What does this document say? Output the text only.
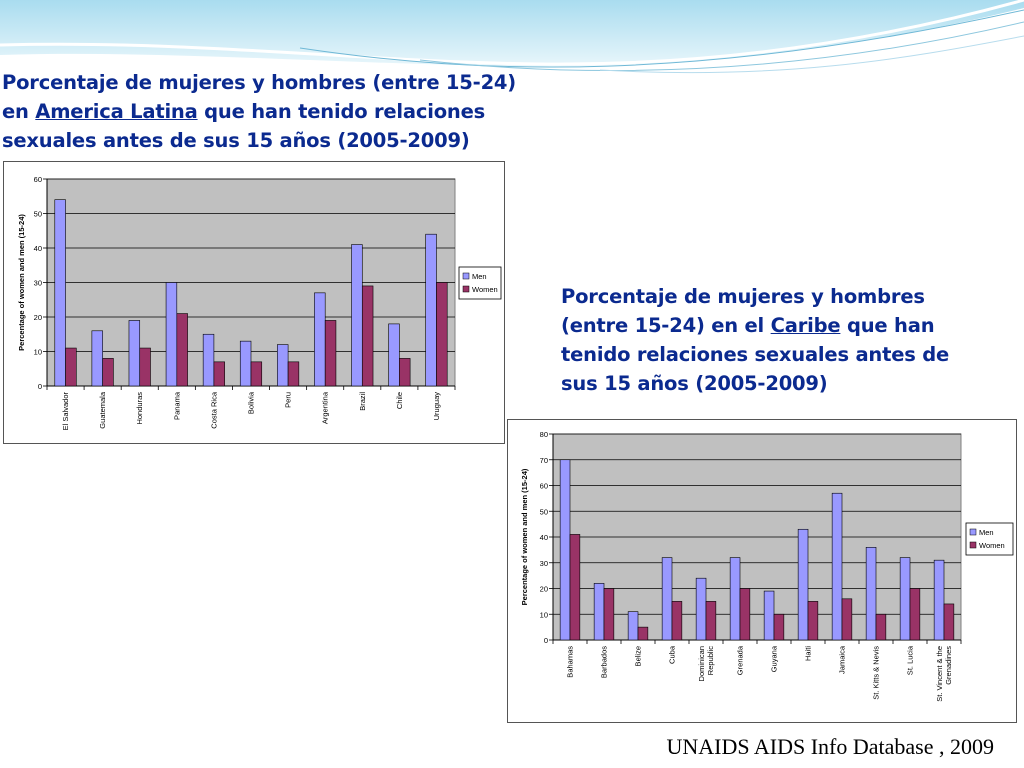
Porcentaje de mujeres y hombres (entre 15-24)
en America Latina que han tenido relaciones
sexuales antes de sus 15 años (2005-2009)
Porcentaje de mujeres y hombres
(entre 15-24) en el Caribe que han
tenido relaciones sexuales antes de
sus 15 años (2005-2009)
0
10
20
30
40
50
60
Percentage of women and men (15-24)
El Salvador	Guatemala	Honduras	Panama	Costa Rica	Bolivia	Peru	Argentina	Brazil	Chile	Uruguay
Men
Women
0
10
20
30
40
50
60
70
80
Percentage of women and men (15-24)
Bahamas	Barbados	Belize	Cuba	Dominican Republic	Grenada	Guyana	Haiti	Jamaica	St. Kitts & Nevis	St. Lucia	St. Vincent & the Grenadines
Men
Women
UNAIDS AIDS Info Database , 2009
